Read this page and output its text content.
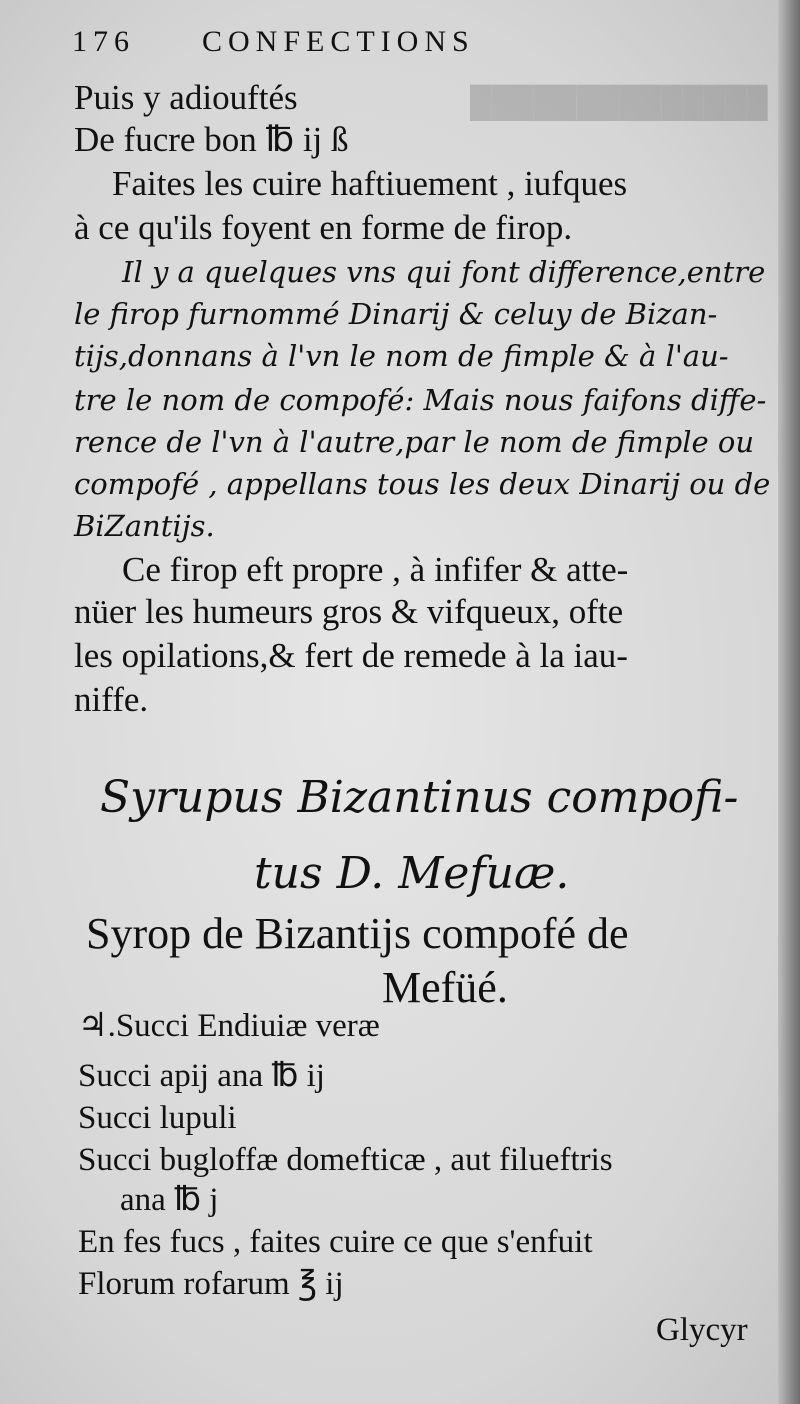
██████████████
176 CONFECTIONS
Puis y adiouftés
De fucre bon ℔ ij ß
Faites les cuire haftiuement , iufques
à ce qu'ils foyent en forme de firop.
Il y a quelques vns qui font difference,entre
le firop furnommé Dinarij & celuy de Bizan-
tijs,donnans à l'vn le nom de fimple & à l'au-
tre le nom de compofé: Mais nous faifons diffe-
rence de l'vn à l'autre,par le nom de fimple ou
compofé , appellans tous les deux Dinarij ou de
BiZantijs.
Ce firop eft propre , à infifer & atte-
nüer les humeurs gros & vifqueux, ofte
les opilations,& fert de remede à la iau-
niffe.
Syrupus Bizantinus compofi-
tus D. Mefuæ.
Syrop de Bizantijs compofé de
Mefüé.
♃.Succi Endiuiæ veræ
Succi apij ana ℔ ij
Succi lupuli
Succi bugloffæ domefticæ , aut filueftris
ana ℔ j
En fes fucs , faites cuire ce que s'enfuit
Florum rofarum ℥ ij
Glycyr
